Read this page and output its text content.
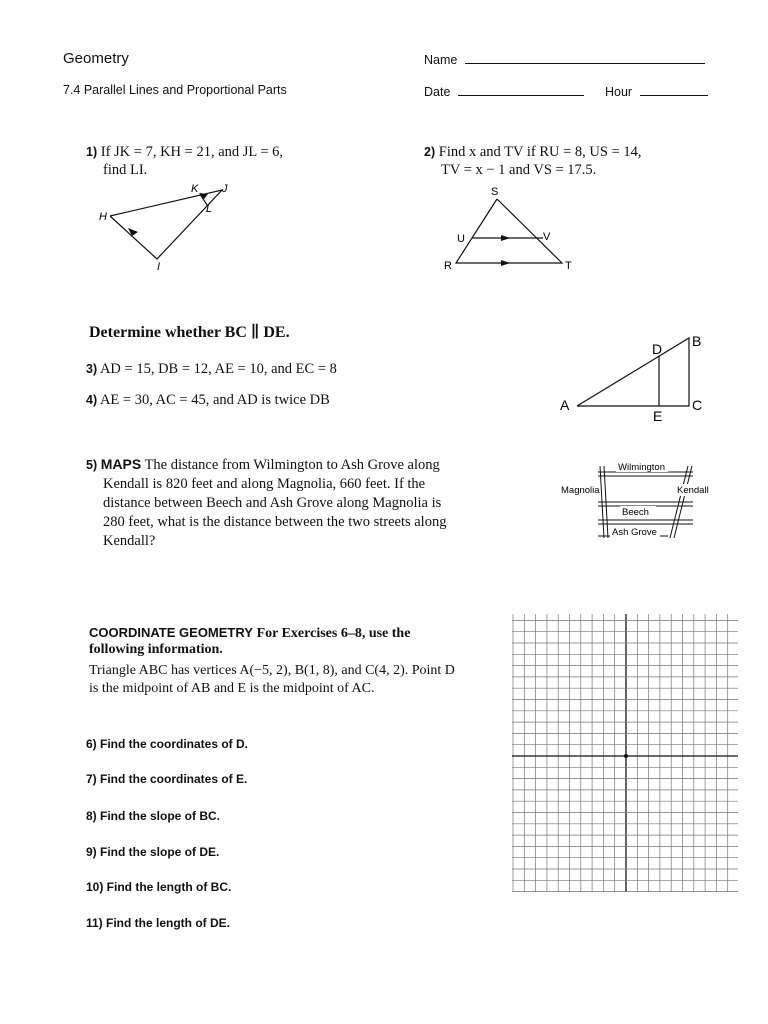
Geometry
7.4 Parallel Lines and Proportional Parts
Name
Date	Hour
1) If JK = 7, KH = 21, and JL = 6,
find LI.
H
K J
L
I
2) Find x and TV if RU = 8, US = 14,
TV = x − 1 and VS = 17.5.
S
U	V
R	T
Determine whether BC ∥ DE.
3) AD = 15, DB = 12, AE = 10, and EC = 8
4) AE = 30, AC = 45, and AD is twice DB	A
D B
E
C
5) MAPS The distance from Wilmington to Ash Grove along
Kendall is 820 feet and along Magnolia, 660 feet. If the
distance between Beech and Ash Grove along Magnolia is
280 feet, what is the distance between the two streets along
Kendall?
Wilmington
Magnolia	Kendall
Beech
Ash Grove
COORDINATE GEOMETRY For Exercises 6–8, use the
following information.
Triangle ABC has vertices A(−5, 2), B(1, 8), and C(4, 2). Point D
is the midpoint of AB and E is the midpoint of AC.
6) Find the coordinates of D.
7) Find the coordinates of E.
8) Find the slope of BC.
9) Find the slope of DE.
10) Find the length of BC.
11) Find the length of DE.
